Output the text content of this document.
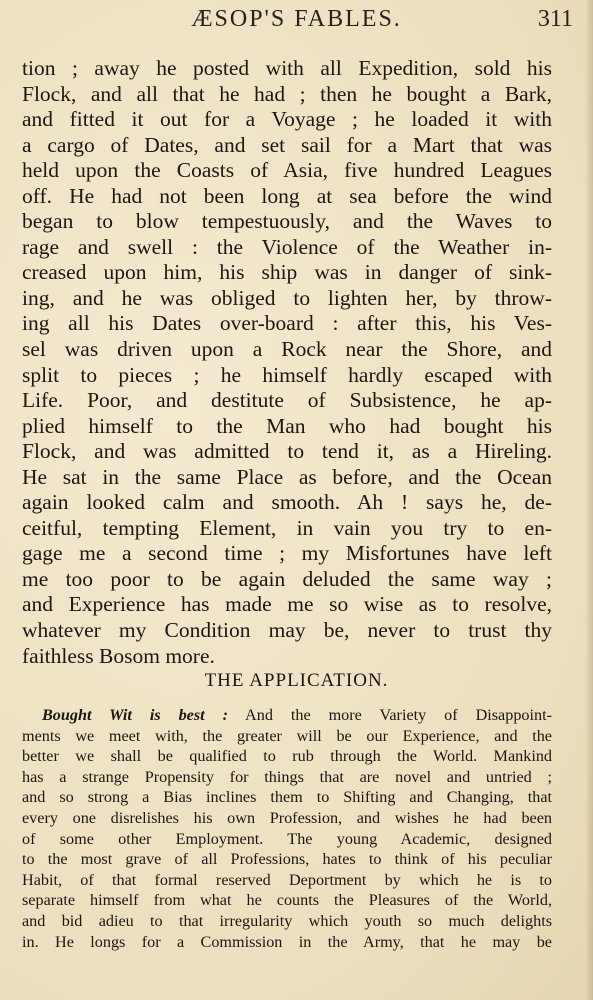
ÆSOP'S FABLES.	311
tion ; away he posted with all Expedition, sold his
Flock, and all that he had ; then he bought a Bark,
and fitted it out for a Voyage ; he loaded it with
a cargo of Dates, and set sail for a Mart that was
held upon the Coasts of Asia, five hundred Leagues
off. He had not been long at sea before the wind
began to blow tempestuously, and the Waves to
rage and swell : the Violence of the Weather in-
creased upon him, his ship was in danger of sink-
ing, and he was obliged to lighten her, by throw-
ing all his Dates over-board : after this, his Ves-
sel was driven upon a Rock near the Shore, and
split to pieces ; he himself hardly escaped with
Life. Poor, and destitute of Subsistence, he ap-
plied himself to the Man who had bought his
Flock, and was admitted to tend it, as a Hireling.
He sat in the same Place as before, and the Ocean
again looked calm and smooth. Ah ! says he, de-
ceitful, tempting Element, in vain you try to en-
gage me a second time ; my Misfortunes have left
me too poor to be again deluded the same way ;
and Experience has made me so wise as to resolve,
whatever my Condition may be, never to trust thy
faithless Bosom more.
THE APPLICATION.
Bought Wit is best : And the more Variety of Disappoint-
ments we meet with, the greater will be our Experience, and the
better we shall be qualified to rub through the World. Mankind
has a strange Propensity for things that are novel and untried ;
and so strong a Bias inclines them to Shifting and Changing, that
every one disrelishes his own Profession, and wishes he had been
of some other Employment. The young Academic, designed
to the most grave of all Professions, hates to think of his peculiar
Habit, of that formal reserved Deportment by which he is to
separate himself from what he counts the Pleasures of the World,
and bid adieu to that irregularity which youth so much delights
in. He longs for a Commission in the Army, that he may be
